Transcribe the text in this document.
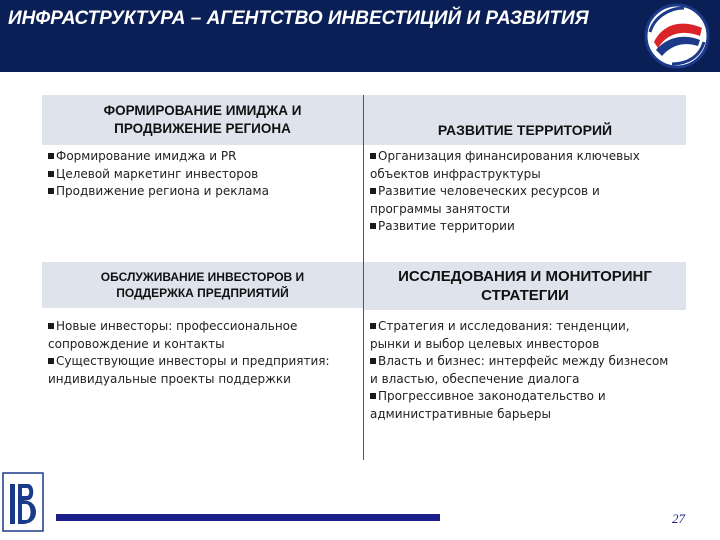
ИНФРАСТРУКТУРА – АГЕНТСТВО ИНВЕСТИЦИЙ И РАЗВИТИЯ
ФОРМИРОВАНИЕ ИМИДЖА И ПРОДВИЖЕНИЕ РЕГИОНА	РАЗВИТИЕ ТЕРРИТОРИЙ
Формирование имиджа и PR
Целевой маркетинг инвесторов
Продвижение региона и реклама
Организация финансирования ключевых объектов инфраструктуры
Развитие человеческих ресурсов и программы занятости
Развитие территории
ОБСЛУЖИВАНИЕ ИНВЕСТОРОВ И ПОДДЕРЖКА ПРЕДПРИЯТИЙ
ИССЛЕДОВАНИЯ И МОНИТОРИНГ СТРАТЕГИИ
Новые инвесторы: профессиональное сопровождение и контакты
Существующие инвесторы и предприятия: индивидуальные проекты поддержки
Стратегия и исследования: тенденции, рынки и выбор целевых инвесторов
Власть и бизнес: интерфейс между бизнесом и властью, обеспечение диалога
Прогрессивное законодательство и административные барьеры
27
